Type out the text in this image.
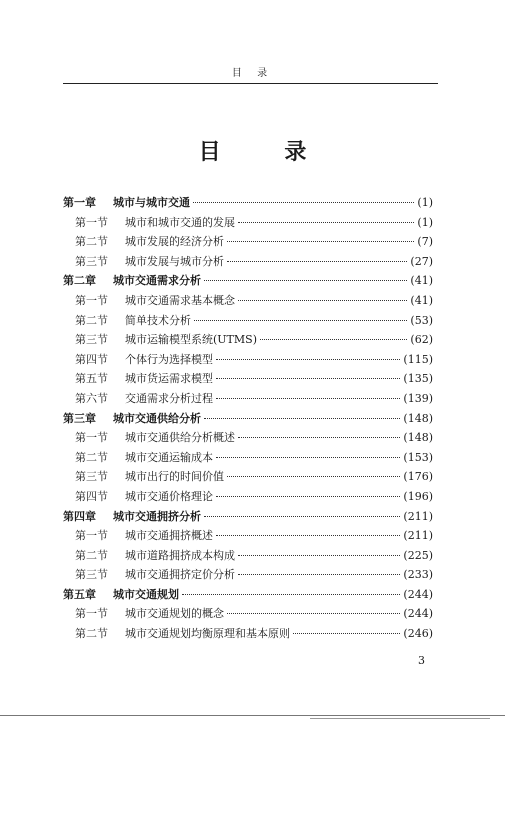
目 录
目 录
第一章	城市与城市交通	(1)
第一节	城市和城市交通的发展	(1)
第二节	城市发展的经济分析	(7)
第三节	城市发展与城市分析	(27)
第二章	城市交通需求分析	(41)
第一节	城市交通需求基本概念	(41)
第二节	简单技术分析	(53)
第三节	城市运输模型系统(UTMS)	(62)
第四节	个体行为选择模型	(115)
第五节	城市货运需求模型	(135)
第六节	交通需求分析过程	(139)
第三章	城市交通供给分析	(148)
第一节	城市交通供给分析概述	(148)
第二节	城市交通运输成本	(153)
第三节	城市出行的时间价值	(176)
第四节	城市交通价格理论	(196)
第四章	城市交通拥挤分析	(211)
第一节	城市交通拥挤概述	(211)
第二节	城市道路拥挤成本构成	(225)
第三节	城市交通拥挤定价分析	(233)
第五章	城市交通规划	(244)
第一节	城市交通规划的概念	(244)
第二节	城市交通规划均衡原理和基本原则	(246)
3
